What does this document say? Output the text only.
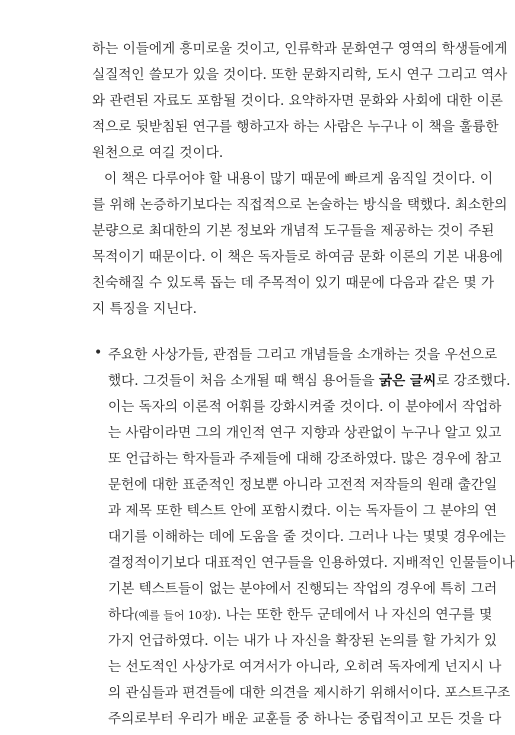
하는 이들에게 흥미로울 것이고, 인류학과 문화연구 영역의 학생들에게
실질적인 쓸모가 있을 것이다. 또한 문화지리학, 도시 연구 그리고 역사
와 관련된 자료도 포함될 것이다. 요약하자면 문화와 사회에 대한 이론
적으로 뒷받침된 연구를 행하고자 하는 사람은 누구나 이 책을 훌륭한
원천으로 여길 것이다.
이 책은 다루어야 할 내용이 많기 때문에 빠르게 움직일 것이다. 이
를 위해 논증하기보다는 직접적으로 논술하는 방식을 택했다. 최소한의
분량으로 최대한의 기본 정보와 개념적 도구들을 제공하는 것이 주된
목적이기 때문이다. 이 책은 독자들로 하여금 문화 이론의 기본 내용에
친숙해질 수 있도록 돕는 데 주목적이 있기 때문에 다음과 같은 몇 가
지 특징을 지닌다.
• 주요한 사상가들, 관점들 그리고 개념들을 소개하는 것을 우선으로
했다. 그것들이 처음 소개될 때 핵심 용어들을 굵은 글씨로 강조했다.
이는 독자의 이론적 어휘를 강화시켜줄 것이다. 이 분야에서 작업하
는 사람이라면 그의 개인적 연구 지향과 상관없이 누구나 알고 있고
또 언급하는 학자들과 주제들에 대해 강조하였다. 많은 경우에 참고
문헌에 대한 표준적인 정보뿐 아니라 고전적 저작들의 원래 출간일
과 제목 또한 텍스트 안에 포함시켰다. 이는 독자들이 그 분야의 연
대기를 이해하는 데에 도움을 줄 것이다. 그러나 나는 몇몇 경우에는
결정적이기보다 대표적인 연구들을 인용하였다. 지배적인 인물들이나
기본 텍스트들이 없는 분야에서 진행되는 작업의 경우에 특히 그러
하다(예를 들어 10장). 나는 또한 한두 군데에서 나 자신의 연구를 몇
가지 언급하였다. 이는 내가 나 자신을 확장된 논의를 할 가치가 있
는 선도적인 사상가로 여겨서가 아니라, 오히려 독자에게 넌지시 나
의 관심들과 편견들에 대한 의견을 제시하기 위해서이다. 포스트구조
주의로부터 우리가 배운 교훈들 중 하나는 중립적이고 모든 것을 다
